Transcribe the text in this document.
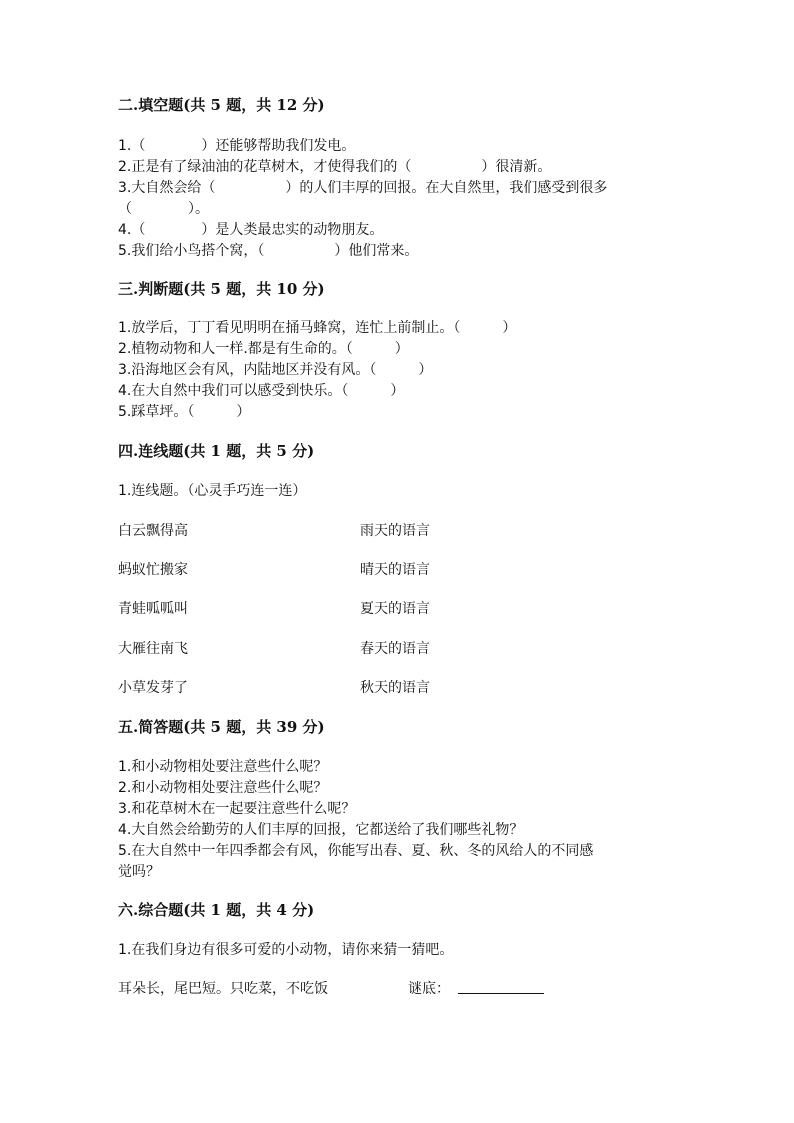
二.填空题(共 5 题，共 12 分)
1.（　　　　）还能够帮助我们发电。
2.正是有了绿油油的花草树木，才使得我们的（　　　　　）很清新。
3.大自然会给（　　　　　）的人们丰厚的回报。在大自然里，我们感受到很多
（　　　　）。
4.（　　　　）是人类最忠实的动物朋友。
5.我们给小鸟搭个窝，（　　　　　）他们常来。
三.判断题(共 5 题，共 10 分)
1.放学后，丁丁看见明明在捅马蜂窝，连忙上前制止。（　　　）
2.植物动物和人一样.都是有生命的。（　　　）
3.沿海地区会有风，内陆地区并没有风。（　　　）
4.在大自然中我们可以感受到快乐。（　　　）
5.踩草坪。（　　　）
四.连线题(共 1 题，共 5 分)
1.连线题。（心灵手巧连一连）
白云飘得高	雨天的语言
蚂蚁忙搬家	晴天的语言
青蛙呱呱叫	夏天的语言
大雁往南飞	春天的语言
小草发芽了	秋天的语言
五.简答题(共 5 题，共 39 分)
1.和小动物相处要注意些什么呢？
2.和小动物相处要注意些什么呢？
3.和花草树木在一起要注意些什么呢？
4.大自然会给勤劳的人们丰厚的回报，它都送给了我们哪些礼物？
5.在大自然中一年四季都会有风，你能写出春、夏、秋、冬的风给人的不同感
觉吗？
六.综合题(共 1 题，共 4 分)
1.在我们身边有很多可爱的小动物，请你来猜一猜吧。
耳朵长，尾巴短。只吃菜，不吃饭	谜底：
